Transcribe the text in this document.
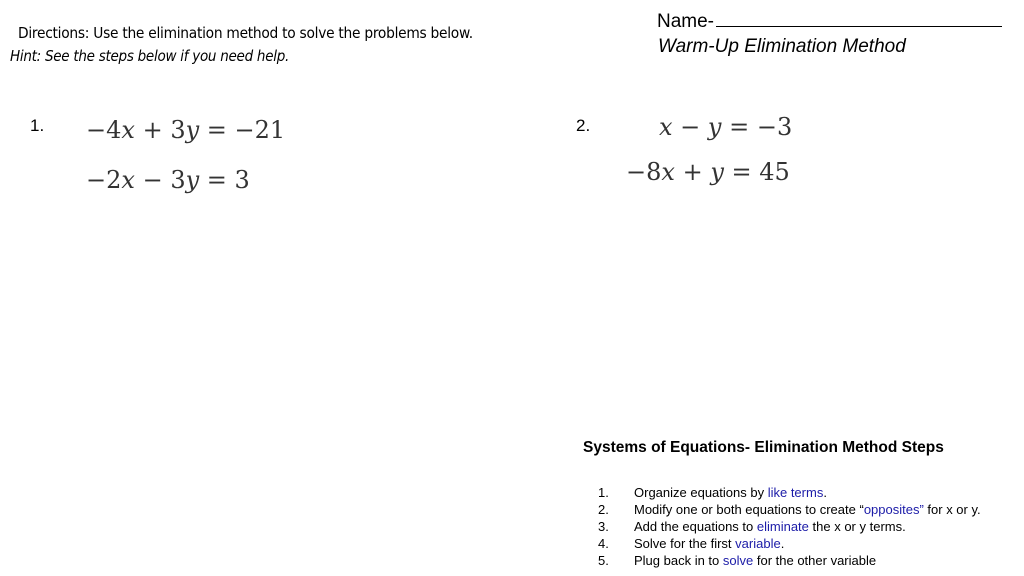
Directions: Use the elimination method to solve the problems below.
Hint: See the steps below if you need help.
Name-
Warm-Up Elimination Method
1. −4x + 3y = −21
−2x − 3y = 3
2.	x − y = −3
−8x + y = 45
Systems of Equations- Elimination Method Steps
1.	Organize equations by like terms.
2.	Modify one or both equations to create “opposites” for x or y.
3.	Add the equations to eliminate the x or y terms.
4.	Solve for the first variable.
5.	Plug back in to solve for the other variable
